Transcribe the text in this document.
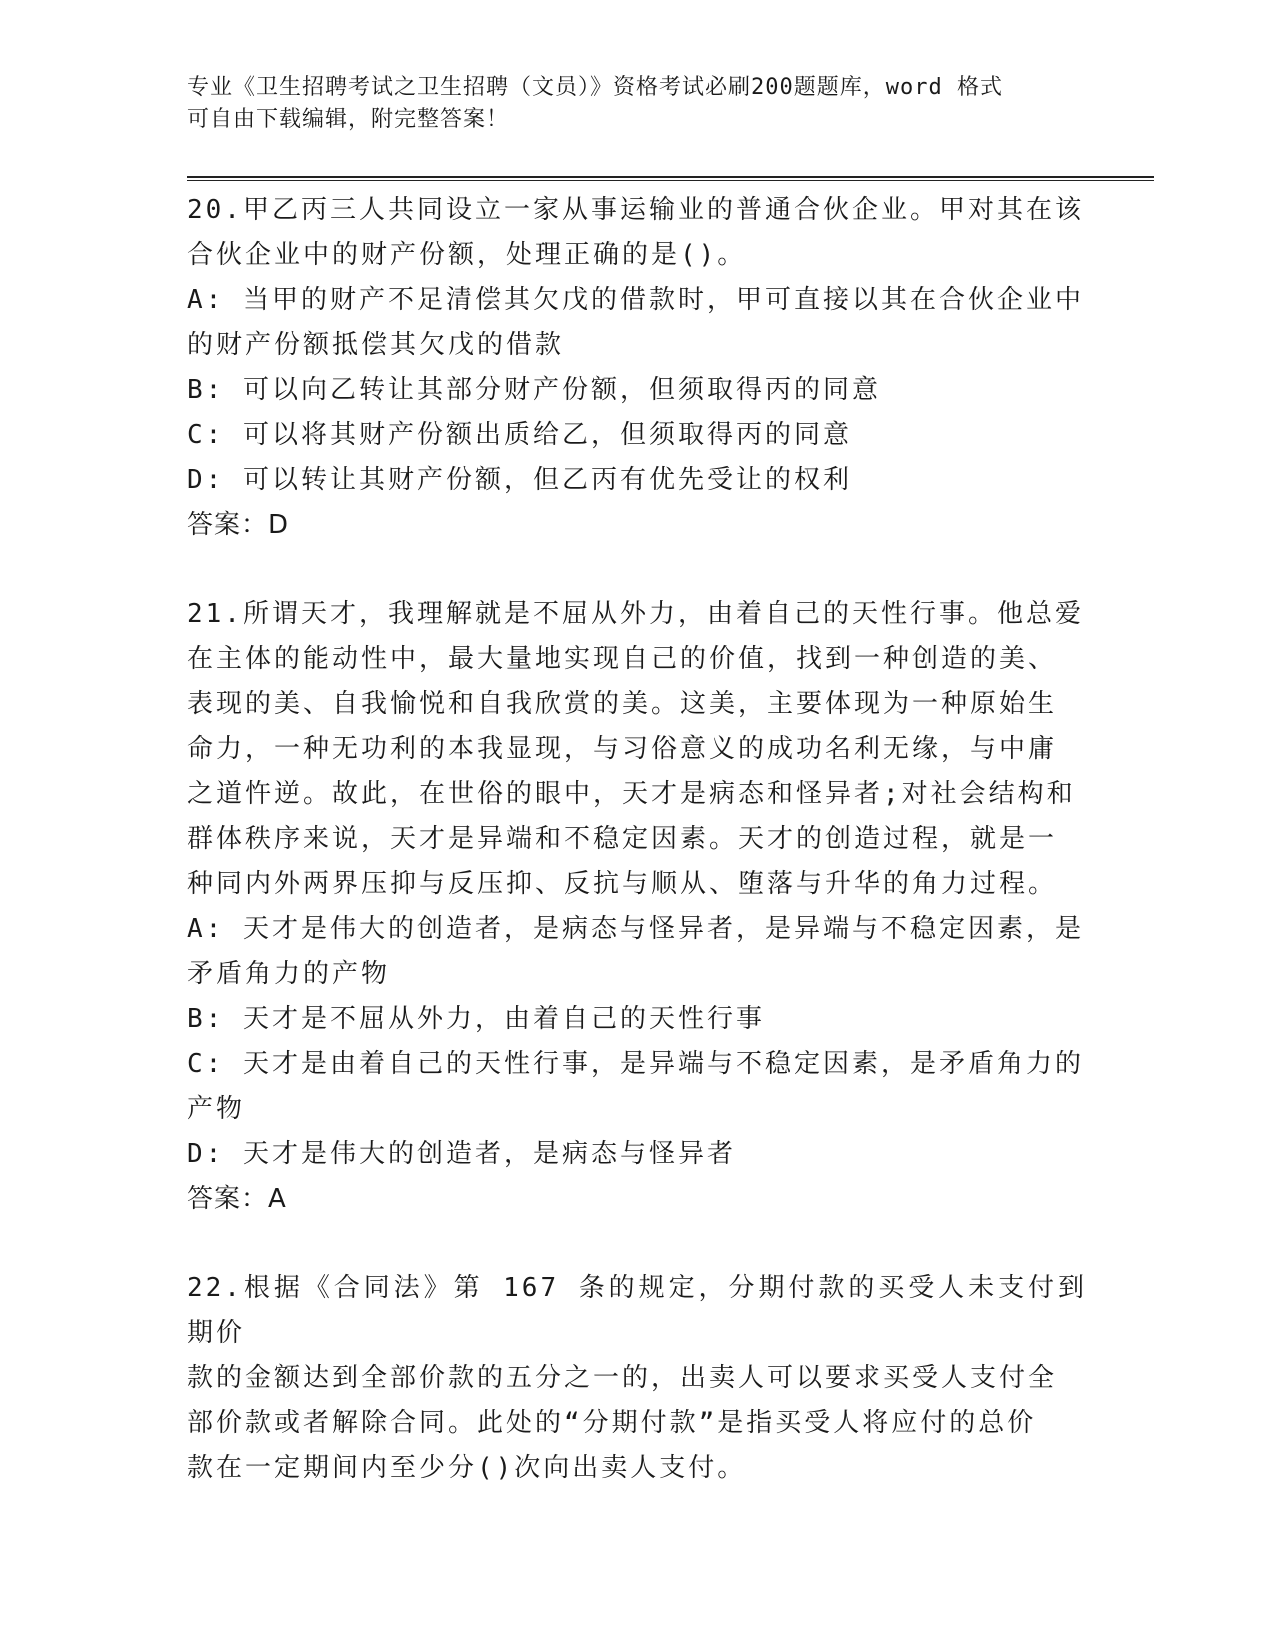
专业《卫生招聘考试之卫生招聘（文员）》资格考试必刷200题题库，word 格式
可自由下载编辑，附完整答案！

20.甲乙丙三人共同设立一家从事运输业的普通合伙企业。甲对其在该

合伙企业中的财产份额，处理正确的是()。

A: 当甲的财产不足清偿其欠戊的借款时，甲可直接以其在合伙企业中

的财产份额抵偿其欠戊的借款

B: 可以向乙转让其部分财产份额，但须取得丙的同意

C: 可以将其财产份额出质给乙，但须取得丙的同意

D: 可以转让其财产份额，但乙丙有优先受让的权利

答案：D

21.所谓天才，我理解就是不屈从外力，由着自己的天性行事。他总爱

在主体的能动性中，最大量地实现自己的价值，找到一种创造的美、

表现的美、自我愉悦和自我欣赏的美。这美，主要体现为一种原始生

命力，一种无功利的本我显现，与习俗意义的成功名利无缘，与中庸

之道忤逆。故此，在世俗的眼中，天才是病态和怪异者;对社会结构和

群体秩序来说，天才是异端和不稳定因素。天才的创造过程，就是一

种同内外两界压抑与反压抑、反抗与顺从、堕落与升华的角力过程。

A: 天才是伟大的创造者，是病态与怪异者，是异端与不稳定因素，是

矛盾角力的产物

B: 天才是不屈从外力，由着自己的天性行事

C: 天才是由着自己的天性行事，是异端与不稳定因素，是矛盾角力的

产物

D: 天才是伟大的创造者，是病态与怪异者

答案：A

22.根据《合同法》第 167 条的规定，分期付款的买受人未支付到期价

款的金额达到全部价款的五分之一的，出卖人可以要求买受人支付全

部价款或者解除合同。此处的“分期付款”是指买受人将应付的总价

款在一定期间内至少分()次向出卖人支付。
